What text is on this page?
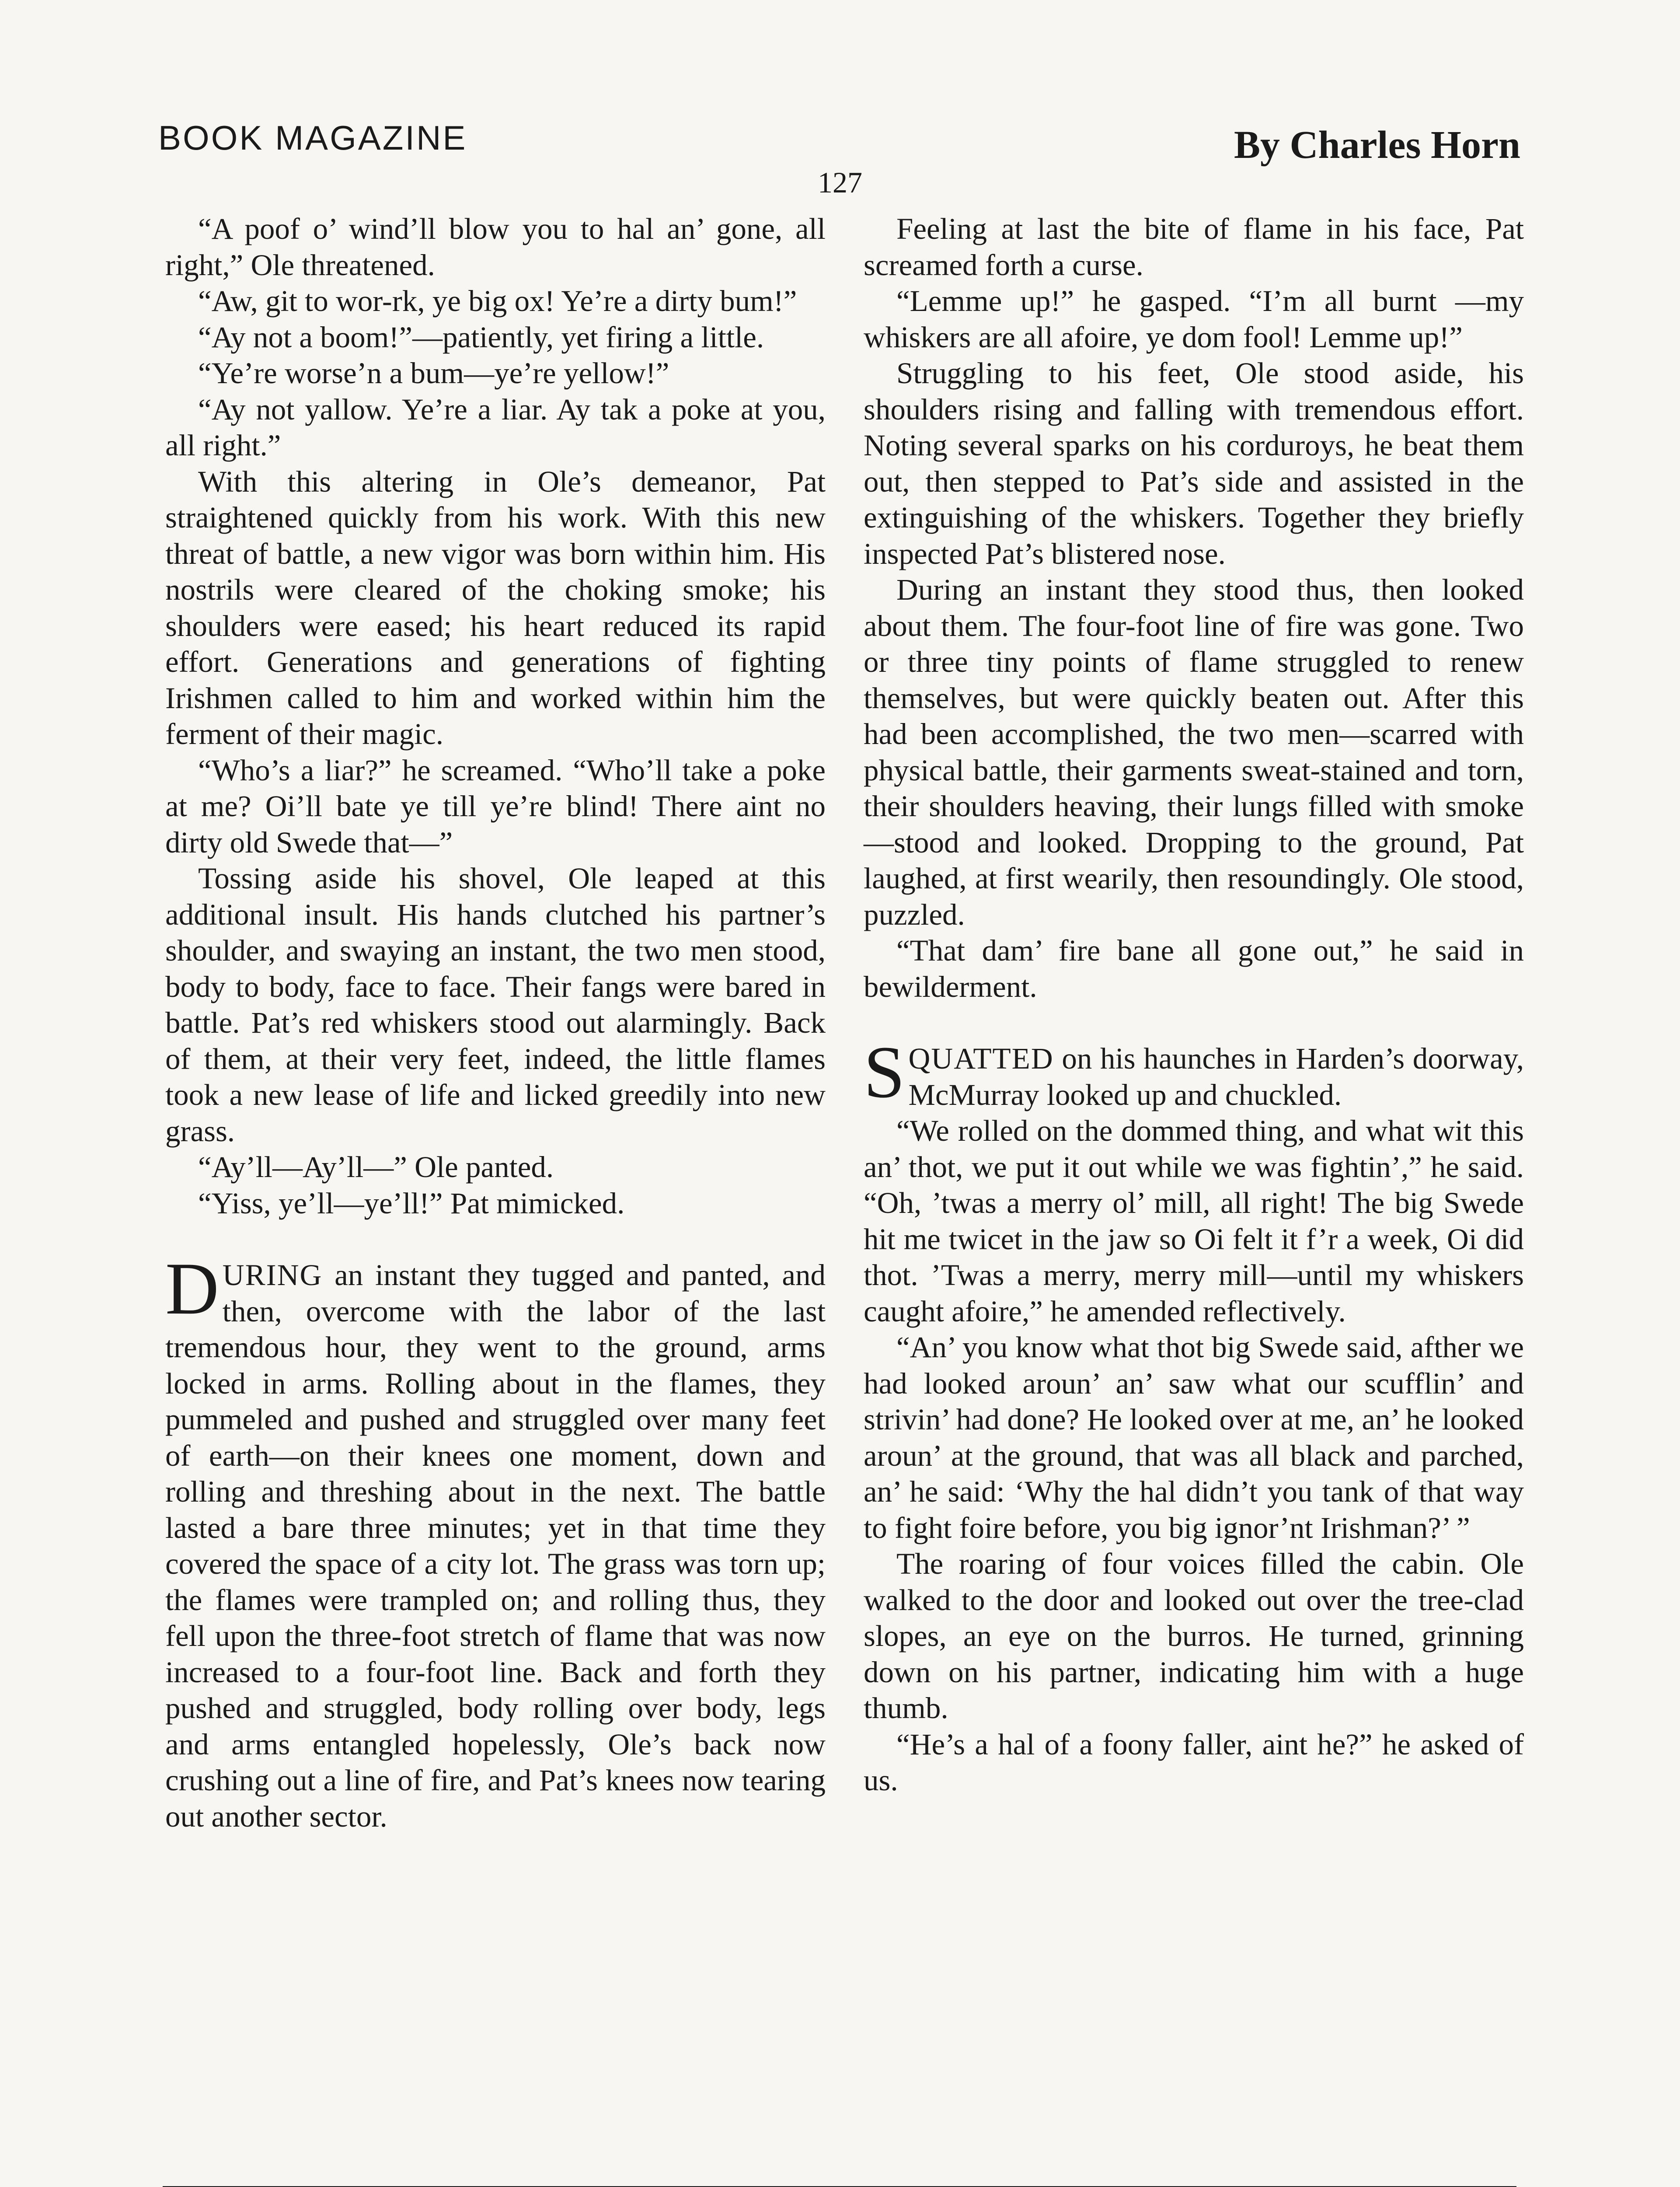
BOOK MAGAZINE	By Charles Horn
127

“A poof o’ wind’ll blow you to hal an’ gone, all right,” Ole threatened.

“Aw, git to wor-rk, ye big ox! Ye’re a dirty bum!”

“Ay not a boom!”—patiently, yet firing a little.

“Ye’re worse’n a bum—ye’re yellow!”

“Ay not yallow. Ye’re a liar. Ay tak a poke at you, all right.”

With this altering in Ole’s demeanor, Pat straightened quickly from his work. With this new threat of battle, a new vigor was born within him. His nostrils were cleared of the choking smoke; his shoulders were eased; his heart reduced its rapid effort. Generations and generations of fighting Irishmen called to him and worked within him the ferment of their magic.

“Who’s a liar?” he screamed. “Who’ll take a poke at me? Oi’ll bate ye till ye’re blind! There aint no dirty old Swede that—”

Tossing aside his shovel, Ole leaped at this additional insult. His hands clutched his partner’s shoulder, and swaying an instant, the two men stood, body to body, face to face. Their fangs were bared in battle. Pat’s red whiskers stood out alarmingly. Back of them, at their very feet, indeed, the little flames took a new lease of life and licked greedily into new grass.

“Ay’ll—Ay’ll—” Ole panted.

“Yiss, ye’ll—ye’ll!” Pat mimicked.

DURING an instant they tugged and panted, and then, overcome with the labor of the last tremendous hour, they went to the ground, arms locked in arms. Rolling about in the flames, they pummeled and pushed and struggled over many feet of earth—on their knees one moment, down and rolling and threshing about in the next. The battle lasted a bare three minutes; yet in that time they covered the space of a city lot. The grass was torn up; the flames were trampled on; and rolling thus, they fell upon the three-foot stretch of flame that was now increased to a four-foot line. Back and forth they pushed and struggled, body rolling over body, legs and arms entangled hopelessly, Ole’s back now crushing out a line of fire, and Pat’s knees now tearing out another sector.

Feeling at last the bite of flame in his face, Pat screamed forth a curse.

“Lemme up!” he gasped. “I’m all burnt —my whiskers are all afoire, ye dom fool! Lemme up!”

Struggling to his feet, Ole stood aside, his shoulders rising and falling with tremendous effort. Noting several sparks on his corduroys, he beat them out, then stepped to Pat’s side and assisted in the extinguishing of the whiskers. Together they briefly inspected Pat’s blistered nose.

During an instant they stood thus, then looked about them. The four-foot line of fire was gone. Two or three tiny points of flame struggled to renew themselves, but were quickly beaten out. After this had been accomplished, the two men—scarred with physical battle, their garments sweat-stained and torn, their shoulders heaving, their lungs filled with smoke—stood and looked. Dropping to the ground, Pat laughed, at first wearily, then resoundingly. Ole stood, puzzled.

“That dam’ fire bane all gone out,” he said in bewilderment.

SQUATTED on his haunches in Harden’s doorway, McMurray looked up and chuckled.

“We rolled on the dommed thing, and what wit this an’ thot, we put it out while we was fightin’,” he said. “Oh, ’twas a merry ol’ mill, all right! The big Swede hit me twicet in the jaw so Oi felt it f’r a week, Oi did thot. ’Twas a merry, merry mill—until my whiskers caught afoire,” he amended reflectively.

“An’ you know what thot big Swede said, afther we had looked aroun’ an’ saw what our scufflin’ and strivin’ had done? He looked over at me, an’ he looked aroun’ at the ground, that was all black and parched, an’ he said: ‘Why the hal didn’t you tank of that way to fight foire before, you big ignor’nt Irishman?’ ”

The roaring of four voices filled the cabin. Ole walked to the door and looked out over the tree-clad slopes, an eye on the burros. He turned, grinning down on his partner, indicating him with a huge thumb.

“He’s a hal of a foony faller, aint he?” he asked of us.
